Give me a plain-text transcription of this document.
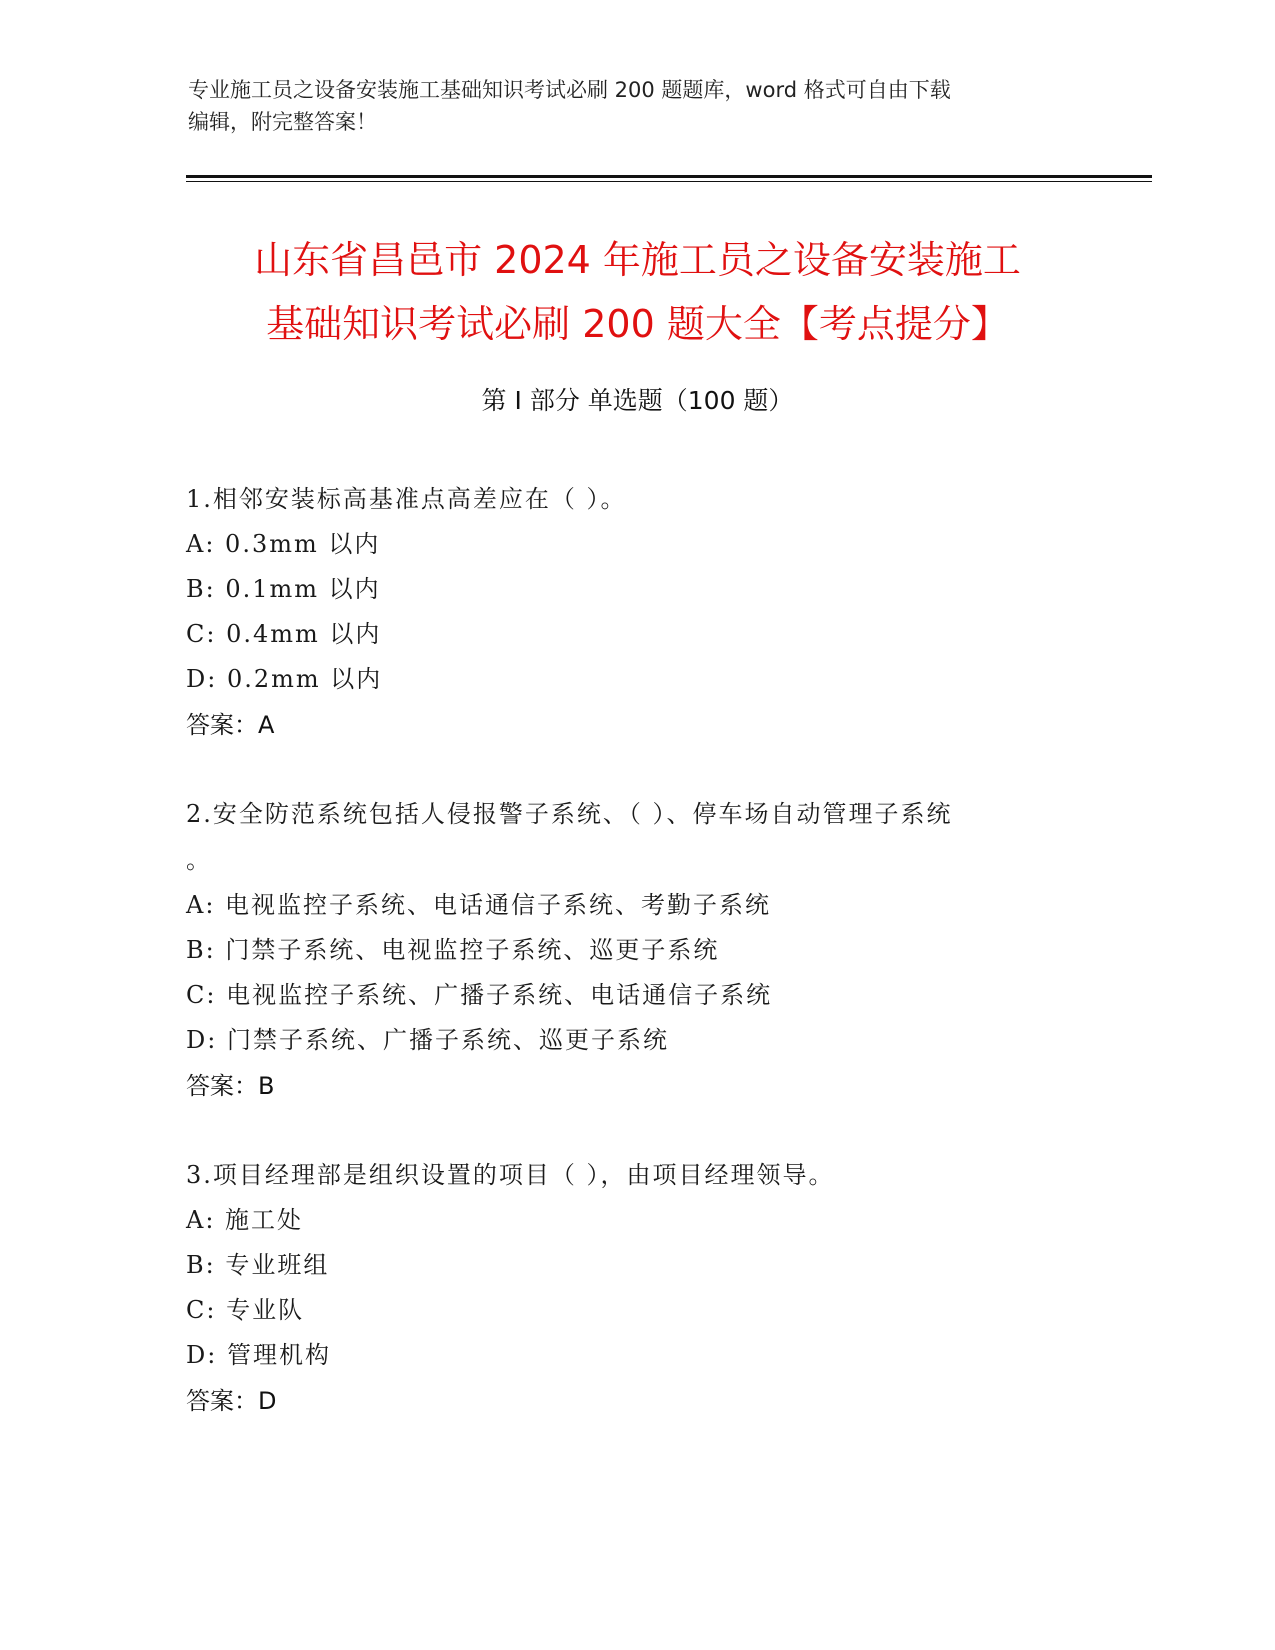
专业施工员之设备安装施工基础知识考试必刷 200 题题库，word 格式可自由下载
编辑，附完整答案！
山东省昌邑市 2024 年施工员之设备安装施工
基础知识考试必刷 200 题大全【考点提分】
第 I 部分 单选题（100 题）
1.相邻安装标高基准点高差应在（ ）。
A: 0.3mm 以内
B: 0.1mm 以内
C: 0.4mm 以内
D: 0.2mm 以内
答案：A
2.安全防范系统包括人侵报警子系统、（ ）、停车场自动管理子系统
。
A: 电视监控子系统、电话通信子系统、考勤子系统
B: 门禁子系统、电视监控子系统、巡更子系统
C: 电视监控子系统、广播子系统、电话通信子系统
D: 门禁子系统、广播子系统、巡更子系统
答案：B
3.项目经理部是组织设置的项目（ ），由项目经理领导。
A: 施工处
B: 专业班组
C: 专业队
D: 管理机构
答案：D
